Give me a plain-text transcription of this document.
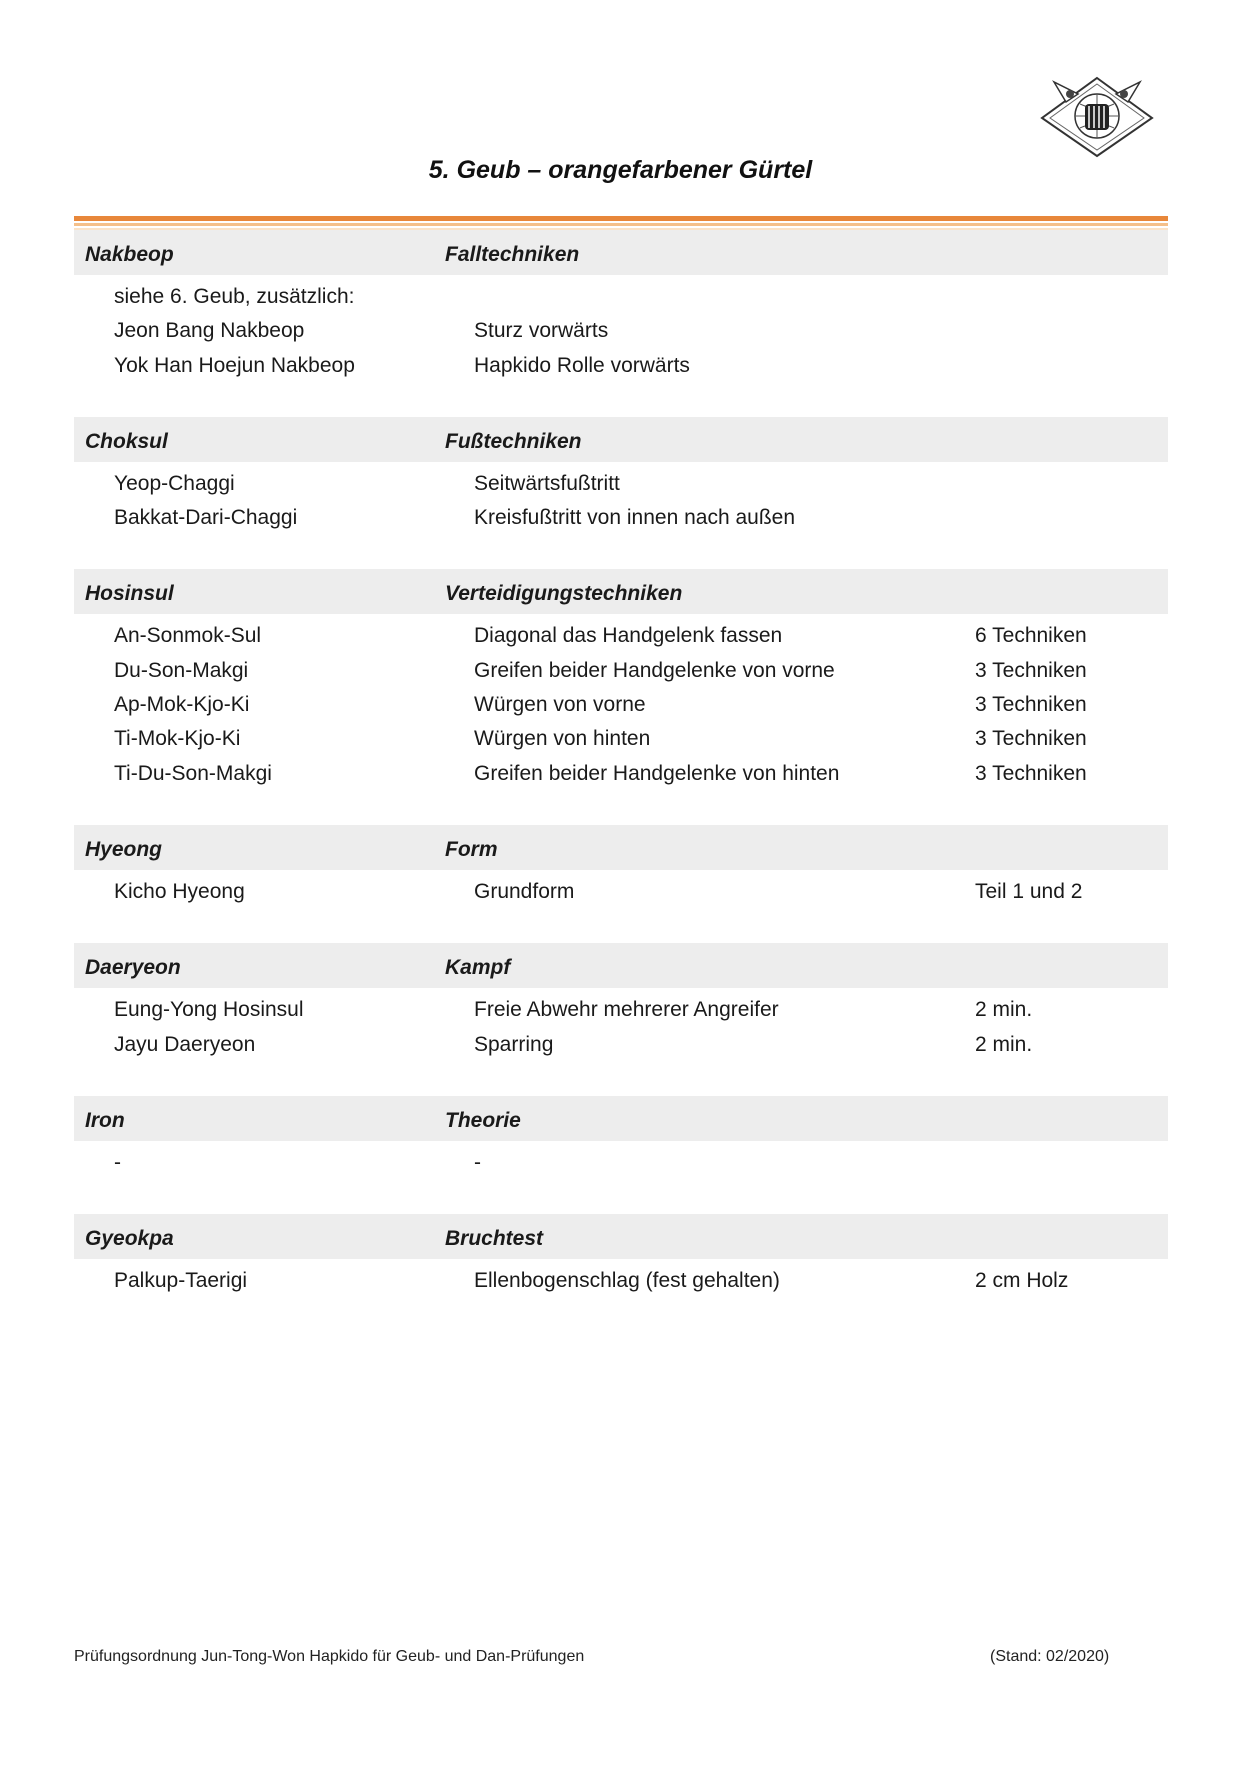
5. Geub – orangefarbener Gürtel
Nakbeop	Falltechniken
siehe 6. Geub, zusätzlich:
Jeon Bang Nakbeop	Sturz vorwärts
Yok Han Hoejun Nakbeop	Hapkido Rolle vorwärts
Choksul	Fußtechniken
Yeop-Chaggi	Seitwärtsfußtritt
Bakkat-Dari-Chaggi	Kreisfußtritt von innen nach außen
Hosinsul	Verteidigungstechniken
An-Sonmok-Sul	Diagonal das Handgelenk fassen	6 Techniken
Du-Son-Makgi	Greifen beider Handgelenke von vorne	3 Techniken
Ap-Mok-Kjo-Ki	Würgen von vorne	3 Techniken
Ti-Mok-Kjo-Ki	Würgen von hinten	3 Techniken
Ti-Du-Son-Makgi	Greifen beider Handgelenke von hinten	3 Techniken
Hyeong	Form
Kicho Hyeong	Grundform	Teil 1 und 2
Daeryeon	Kampf
Eung-Yong Hosinsul	Freie Abwehr mehrerer Angreifer	2 min.
Jayu Daeryeon	Sparring	2 min.
Iron	Theorie
-	-
Gyeokpa	Bruchtest
Palkup-Taerigi	Ellenbogenschlag (fest gehalten)	2 cm Holz
Prüfungsordnung Jun-Tong-Won Hapkido für Geub- und Dan-Prüfungen	(Stand: 02/2020)
